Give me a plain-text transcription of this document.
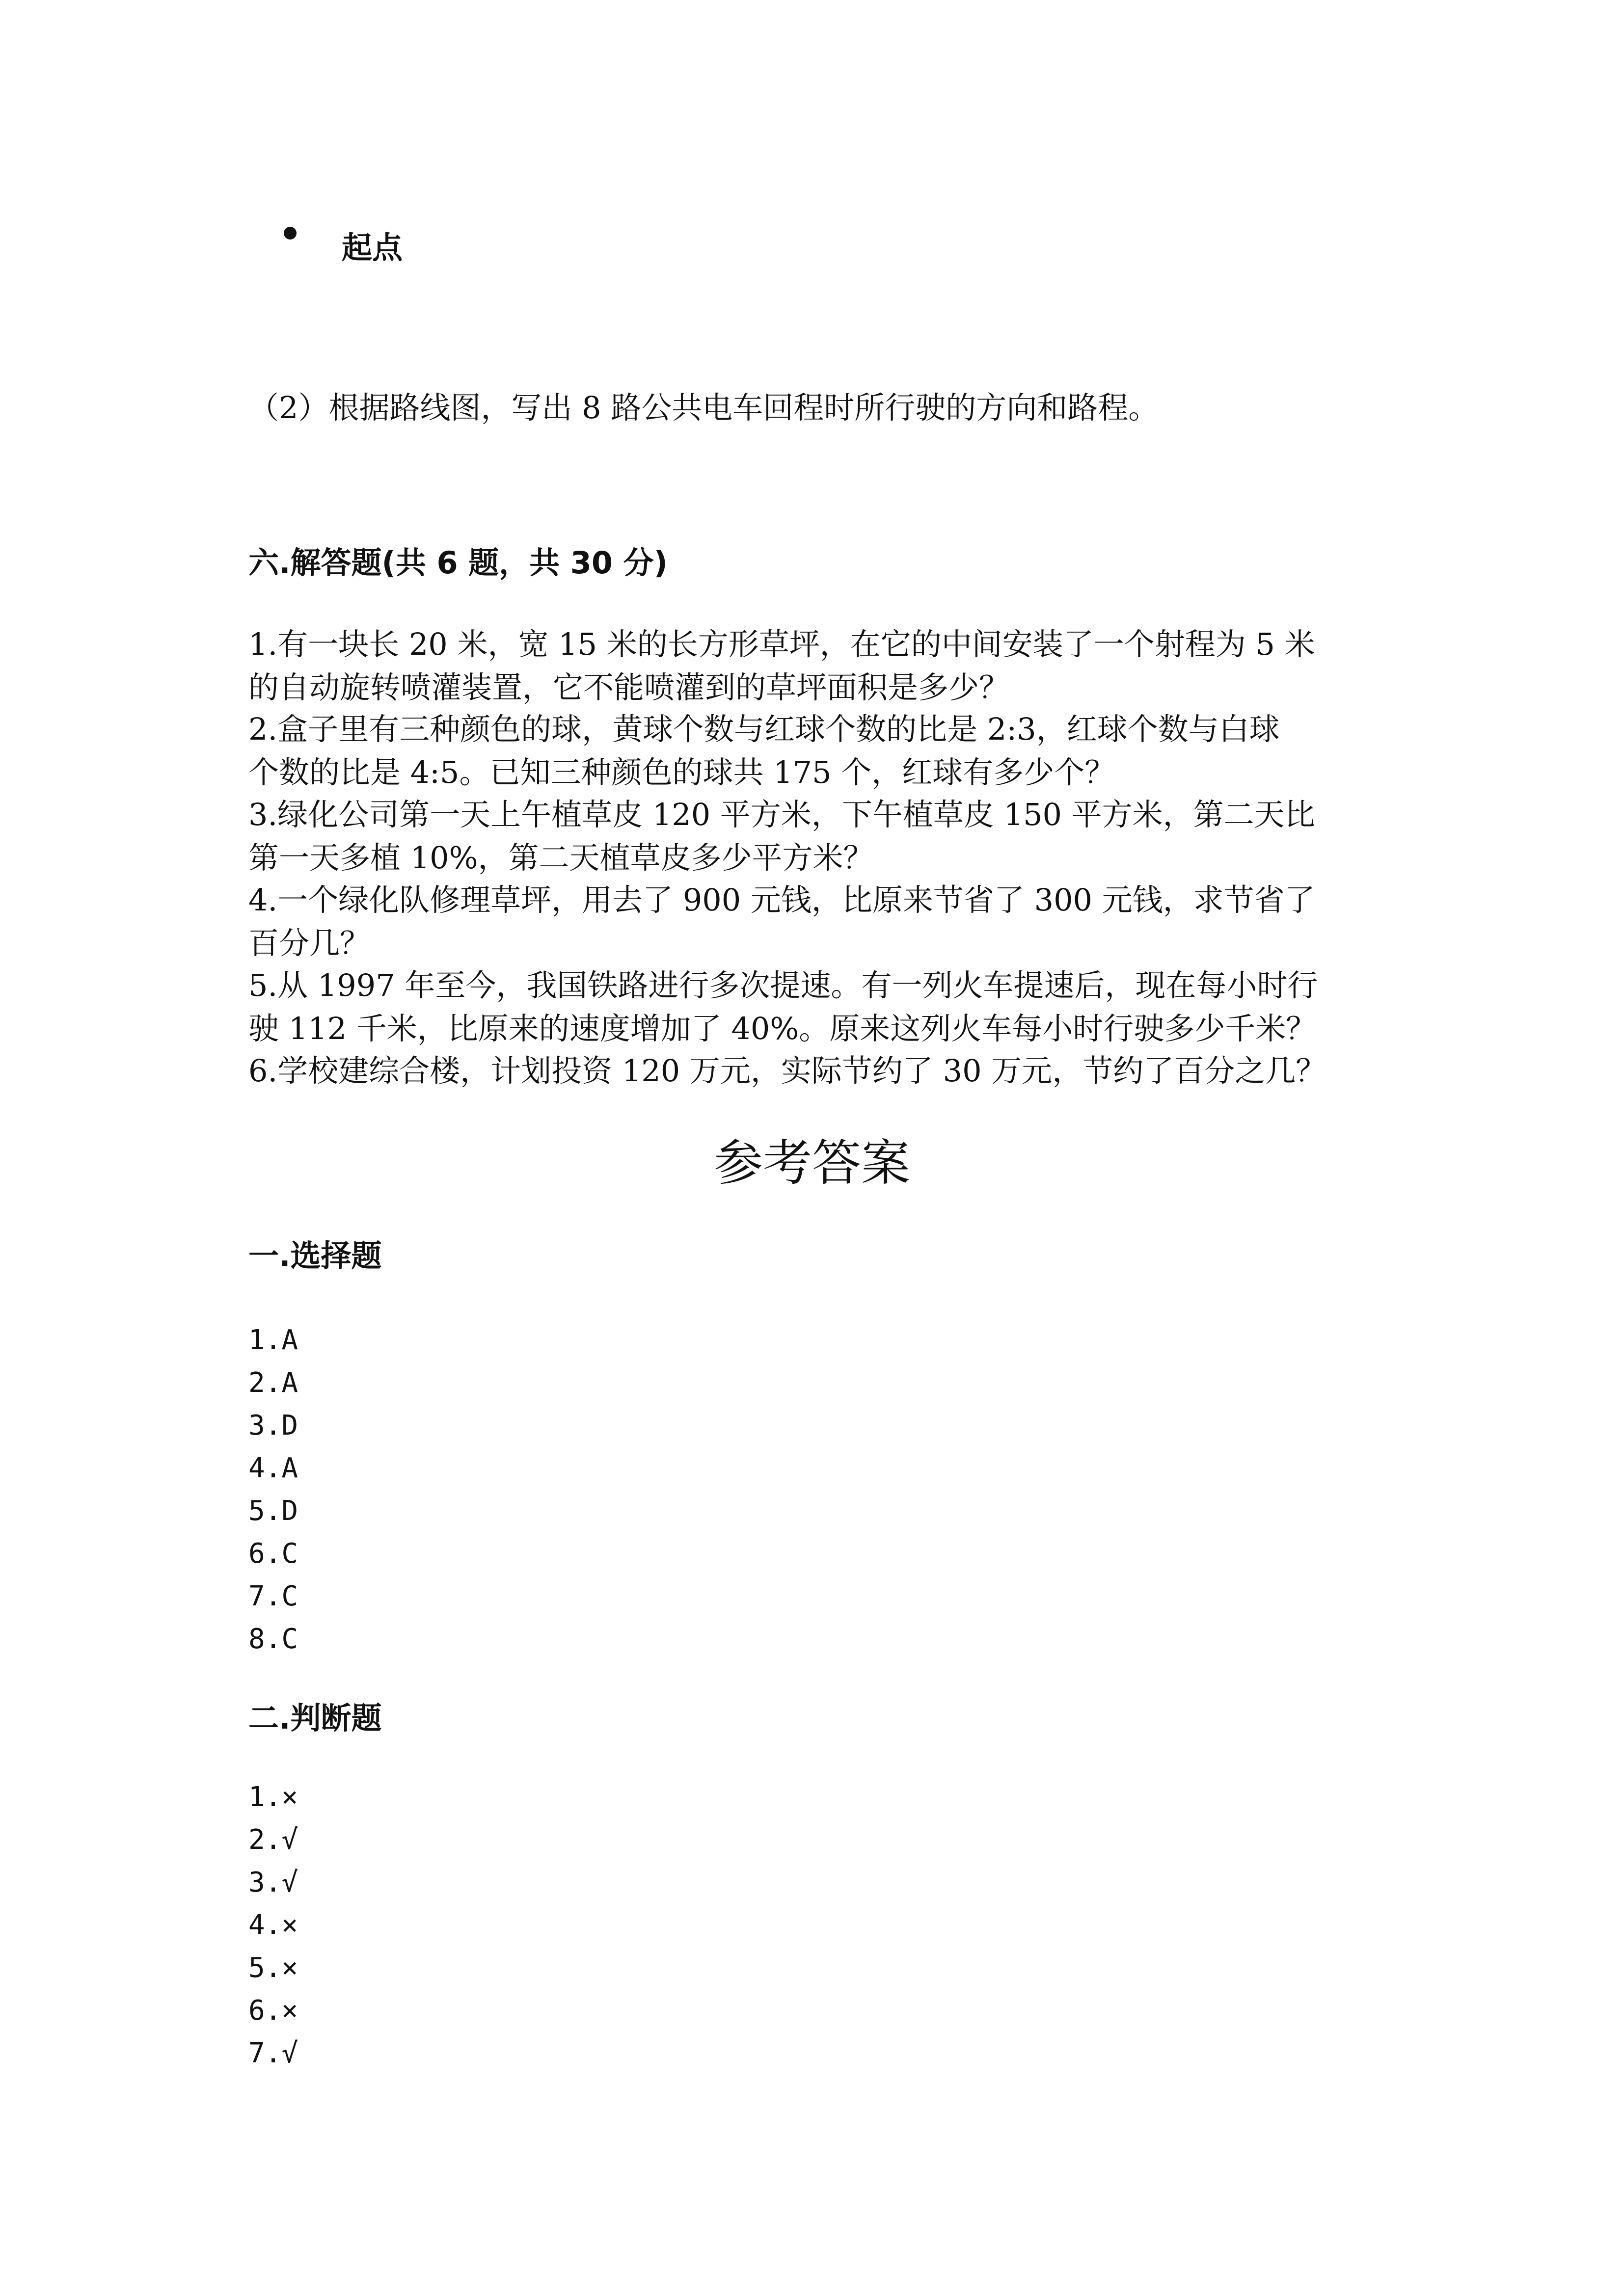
起点
（2）根据路线图，写出 8 路公共电车回程时所行驶的方向和路程。
六.解答题(共 6 题，共 30 分)
1.有一块长 20 米，宽 15 米的长方形草坪，在它的中间安装了一个射程为 5 米
的自动旋转喷灌装置，它不能喷灌到的草坪面积是多少？
2.盒子里有三种颜色的球，黄球个数与红球个数的比是 2:3，红球个数与白球
个数的比是 4:5。已知三种颜色的球共 175 个，红球有多少个？
3.绿化公司第一天上午植草皮 120 平方米，下午植草皮 150 平方米，第二天比
第一天多植 10%，第二天植草皮多少平方米？
4.一个绿化队修理草坪，用去了 900 元钱，比原来节省了 300 元钱，求节省了
百分几？
5.从 1997 年至今，我国铁路进行多次提速。有一列火车提速后，现在每小时行
驶 112 千米，比原来的速度增加了 40%。原来这列火车每小时行驶多少千米？
6.学校建综合楼，计划投资 120 万元，实际节约了 30 万元，节约了百分之几？
参考答案
一.选择题
1.A
2.A
3.D
4.A
5.D
6.C
7.C
8.C
二.判断题
1.×
2.√
3.√
4.×
5.×
6.×
7.√
